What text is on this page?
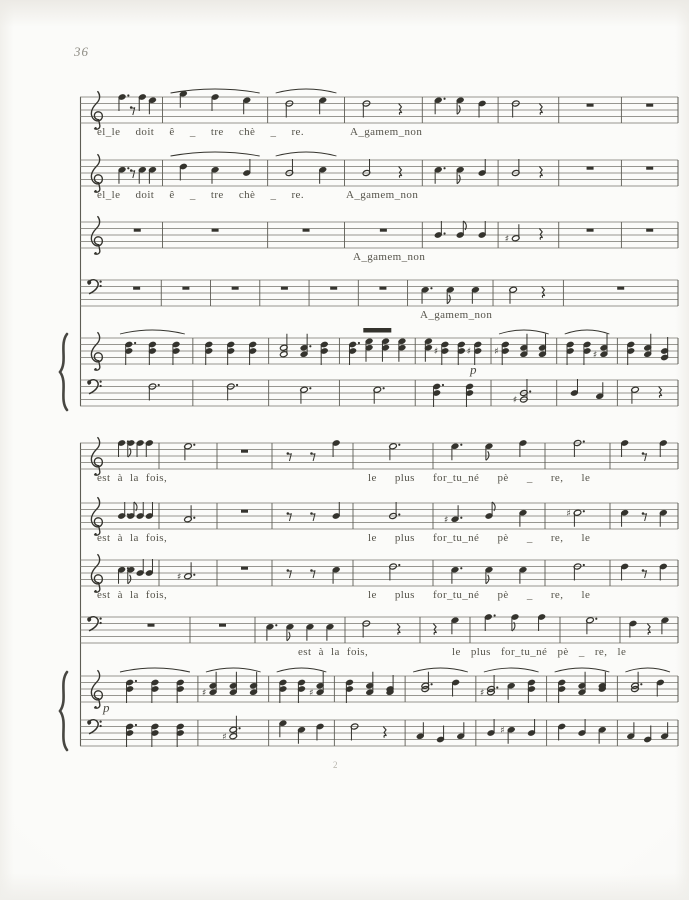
36
♯
♯	♯	♯	♯
♯
♯
♯
♯
♯	♯	♯
♯
♯
el_le doit ê _ tre chè _ re.	A_gamem_non
el_le doit ê _ tre chè _ re.	A_gamem_non
A_gamem_non
A_gamem_non
p
est à la fois,	le plus for_tu_né pè _ re, le
est à la fois,	le plus for_tu_né pè _ re, le
est à la fois,	le plus for_tu_né pè _ re, le
est à la fois,	le plus for_tu_né pè _ re, le
p
2
